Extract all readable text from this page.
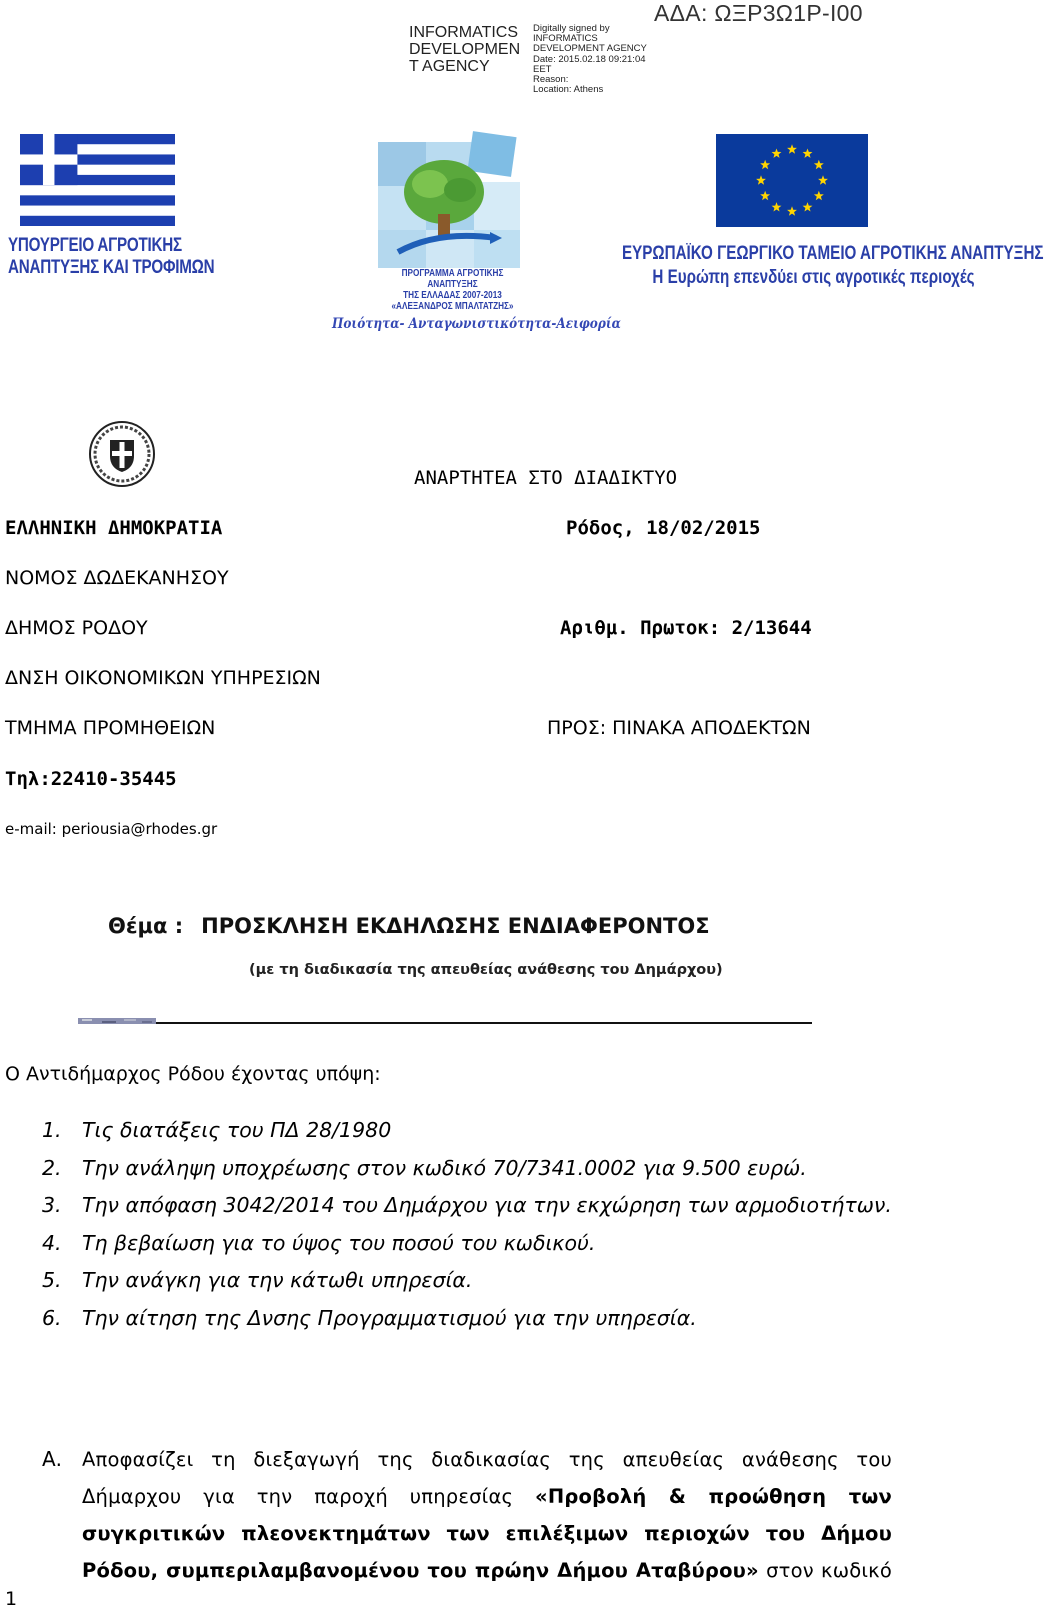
INFORMATICS
DEVELOPMEN
T AGENCY
Digitally signed by
INFORMATICS
DEVELOPMENT AGENCY
Date: 2015.02.18 09:21:04
EET
Reason:
Location: Athens
ΑΔΑ: ΩΞΡ3Ω1Ρ-Ι00
ΥΠΟΥΡΓΕΙΟ ΑΓΡΟΤΙΚΗΣ
ΑΝΑΠΤΥΞΗΣ ΚΑΙ ΤΡΟΦΙΜΩΝ	ΠΡΟΓΡΑΜΜΑ ΑΓΡΟΤΙΚΗΣ ΑΝΑΠΤΥΞΗΣ
ΤΗΣ ΕΛΛΑΔΑΣ 2007-2013
«ΑΛΕΞΑΝΔΡΟΣ ΜΠΑΛΤΑΤΖΗΣ»
Ποιότητα- Ανταγωνιστικότητα-Αειφορία
ΕΥΡΩΠΑΪΚΟ ΓΕΩΡΓΙΚΟ ΤΑΜΕΙΟ ΑΓΡΟΤΙΚΗΣ ΑΝΑΠΤΥΞΗΣ
Η Ευρώπη επενδύει στις αγροτικές περιοχές
ΑΝΑΡΤΗΤΕΑ ΣΤΟ ΔΙΑΔΙΚΤΥΟ
ΕΛΛΗΝΙΚΗ ΔΗΜΟΚΡΑΤΙΑ	Ρόδος, 18/02/2015
ΝΟΜΟΣ ΔΩΔΕΚΑΝΗΣΟΥ
ΔΗΜΟΣ ΡΟΔΟΥ	Αριθμ. Πρωτοκ: 2/13644
ΔΝΣΗ ΟΙΚΟΝΟΜΙΚΩΝ ΥΠΗΡΕΣΙΩΝ
ΤΜΗΜΑ ΠΡΟΜΗΘΕΙΩΝ	ΠΡΟΣ: ΠΙΝΑΚΑ ΑΠΟΔΕΚΤΩΝ
Τηλ:22410-35445
e-mail: periousia@rhodes.gr
Θέμα : ΠΡΟΣΚΛΗΣΗ ΕΚΔΗΛΩΣΗΣ ΕΝΔΙΑΦΕΡΟΝΤΟΣ
(με τη διαδικασία της απευθείας ανάθεσης του Δημάρχου)
Ο Αντιδήμαρχος Ρόδου έχοντας υπόψη:
1. Τις διατάξεις του ΠΔ 28/1980
2. Την ανάληψη υποχρέωσης στον κωδικό 70/7341.0002 για 9.500 ευρώ.
3. Την απόφαση 3042/2014 του Δημάρχου για την εκχώρηση των αρμοδιοτήτων.
4. Τη βεβαίωση για το ύψος του ποσού του κωδικού.
5. Την ανάγκη για την κάτωθι υπηρεσία.
6. Την αίτηση της Δνσης Προγραμματισμού για την υπηρεσία.
Α. Αποφασίζει τη διεξαγωγή της διαδικασίας της απευθείας ανάθεσης του Δήμαρχου για την παροχή υπηρεσίας «Προβολή & προώθηση των συγκριτικών πλεονεκτημάτων των επιλέξιμων περιοχών του Δήμου Ρόδου, συμπεριλαμβανομένου του πρώην Δήμου Αταβύρου» στον κωδικό
1
